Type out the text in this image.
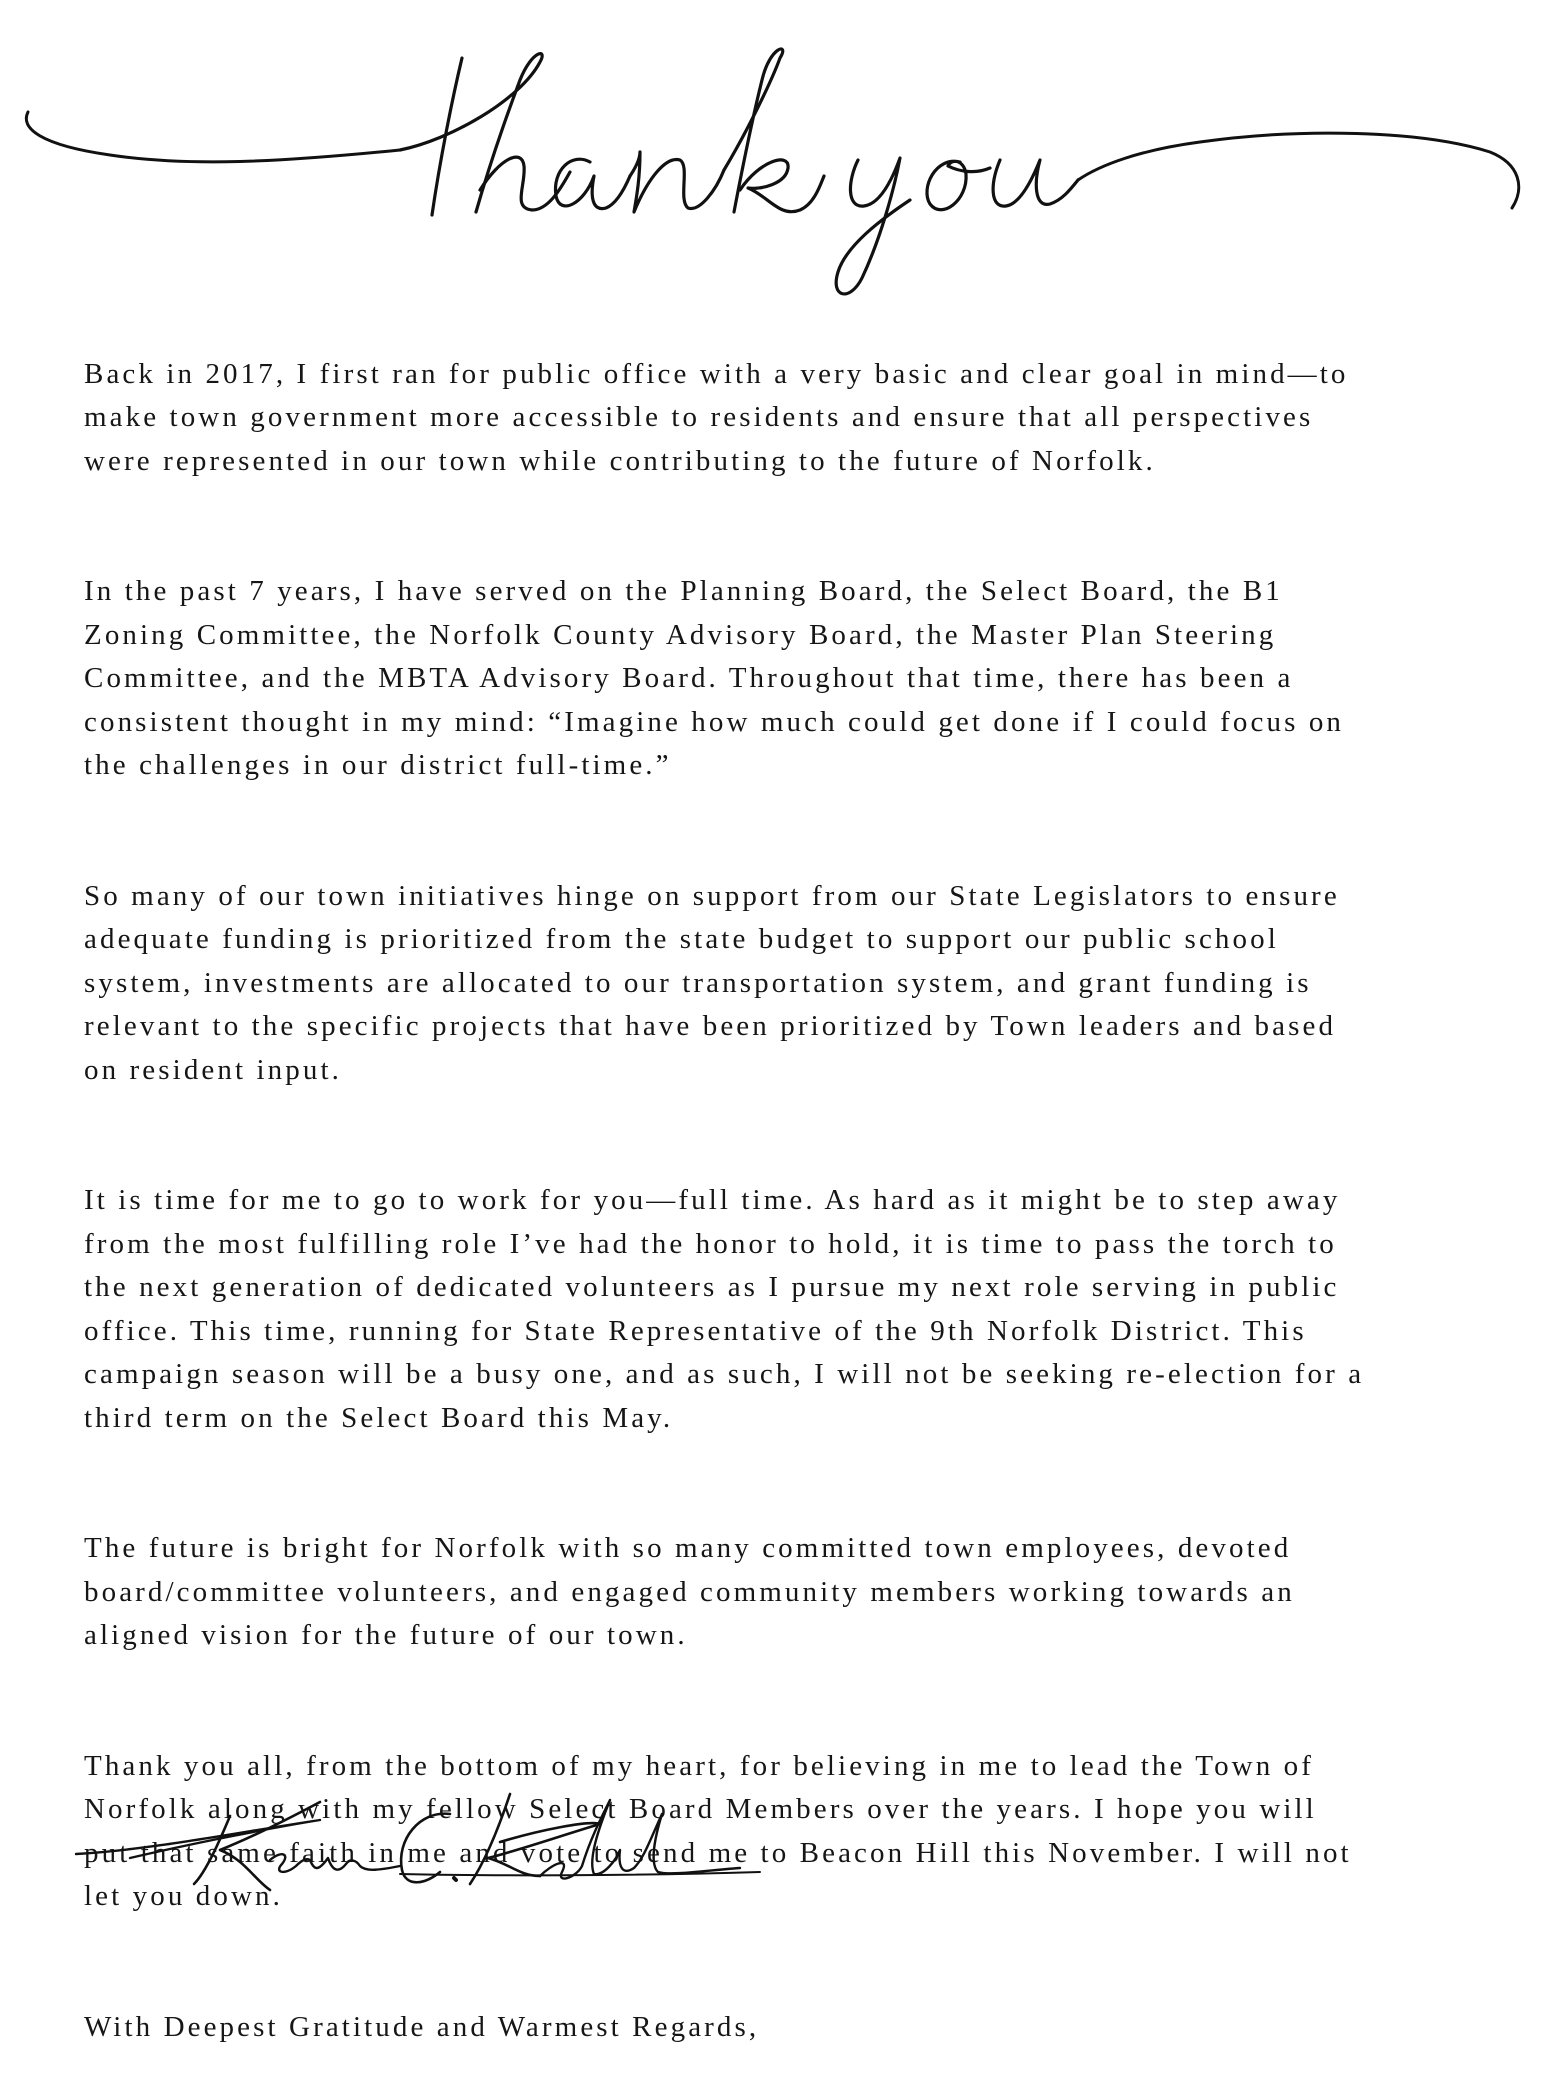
Back in 2017, I first ran for public office with a very basic and clear goal in mind—to
make town government more accessible to residents and ensure that all perspectives
were represented in our town while contributing to the future of Norfolk.

In the past 7 years, I have served on the Planning Board, the Select Board, the B1
Zoning Committee, the Norfolk County Advisory Board, the Master Plan Steering
Committee, and the MBTA Advisory Board. Throughout that time, there has been a
consistent thought in my mind: “Imagine how much could get done if I could focus on
the challenges in our district full-time.”

So many of our town initiatives hinge on support from our State Legislators to ensure
adequate funding is prioritized from the state budget to support our public school
system, investments are allocated to our transportation system, and grant funding is
relevant to the specific projects that have been prioritized by Town leaders and based
on resident input.

It is time for me to go to work for you—full time. As hard as it might be to step away
from the most fulfilling role I’ve had the honor to hold, it is time to pass the torch to
the next generation of dedicated volunteers as I pursue my next role serving in public
office. This time, running for State Representative of the 9th Norfolk District. This
campaign season will be a busy one, and as such, I will not be seeking re-election for a
third term on the Select Board this May.

The future is bright for Norfolk with so many committed town employees, devoted
board/committee volunteers, and engaged community members working towards an
aligned vision for the future of our town.

Thank you all, from the bottom of my heart, for believing in me to lead the Town of
Norfolk along with my fellow Select Board Members over the years. I hope you will
put that same faith in me and vote to send me to Beacon Hill this November. I will not
let you down.

With Deepest Gratitude and Warmest Regards,
